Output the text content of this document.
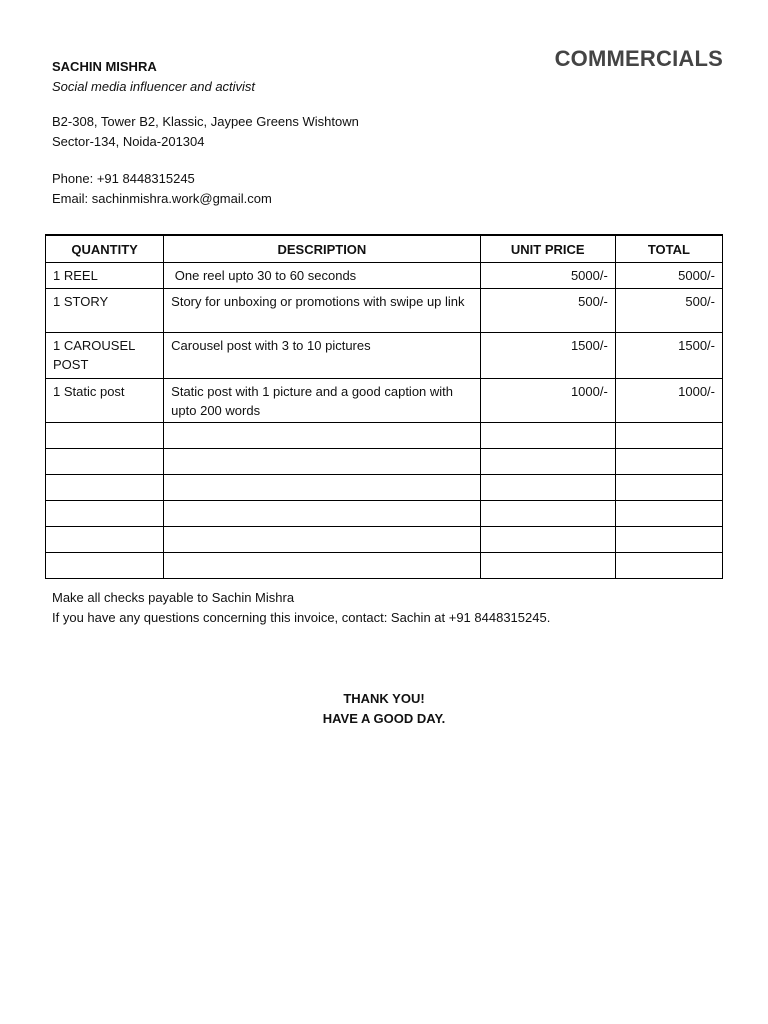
COMMERCIALS
SACHIN MISHRA
Social media influencer and activist
B2-308, Tower B2, Klassic, Jaypee Greens Wishtown
Sector-134, Noida-201304
Phone: +91 8448315245
Email: sachinmishra.work@gmail.com
QUANTITY	DESCRIPTION	UNIT PRICE	TOTAL
1 REEL	One reel upto 30 to 60 seconds	5000/-	5000/-
1 STORY	Story for unboxing or promotions with swipe up link	500/-	500/-
1 CAROUSEL POST	Carousel post with 3 to 10 pictures	1500/-	1500/-
1 Static post	Static post with 1 picture and a good caption with upto 200 words	1000/-	1000/-

Make all checks payable to Sachin Mishra
If you have any questions concerning this invoice, contact: Sachin at +91 8448315245.
THANK YOU!
HAVE A GOOD DAY.
